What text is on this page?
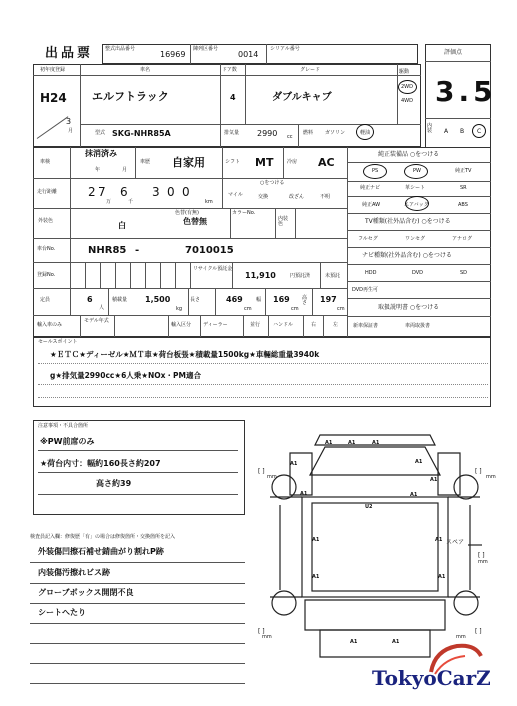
出品票 整式出品番号
16969
陳列区番号
0014
シリアル番号	評価点
3.5
内装	A B C
初年度登録	車名	ドア数	グレード
H24
3
月
エルフトラック	4	ダブルキャブ
駆動
2WD
4WD
型式 SKG-NHR85A	排気量 2990 cc
燃料 ガソリン	軽油
車検
抹消済み
年	月
車歴 自家用	シフト MT	冷房 AC
純正装備品 ○をつける
PS	PW	純正TV
純正ナビ	革シート	SR
純正AW	エアバッグ	ABS
TV種類(社外品含む) ○をつける
フルセグ	ワンセグ	アナログ
ナビ種類(社外品含む) ○をつける
HDD	DVD	SD
DVD再生可
取扱説明書 ○をつける
新車保証書	車両取扱書
走行距離	2 7
万
6
千
3 0 0
km
○をつける
マイル	交換	改ざん	不明
外装色	白
色替(有無)
色替無
カラーNo.
内装色
車台No.	NHR85 -	7010015
登録No.
リサイクル預託金
11,910	円預託済	未預託
定員	6
人
積載量 1,500
kg
長さ	469
cm
幅 169
cm
高さ 197
cm
輸入車のみ
モデル年式
輸入区分 ディーラー	並行	ハンドル	右	左
セールスポイント
★ＥＴＣ★ディーゼル★ＭＴ車★荷台板張★積載量1500kg★車輛総重量3940k
g★排気量2990cc★6人乗★NOx・PM適合
注意事項・不具合箇所
※PW前席のみ
★荷台内寸：幅約160長さ約207
高さ約39
検査員記入欄：修復歴「有」の場合は修復箇所・交換箇所を記入
外装傷凹擦石補せ錆曲がり割れP跡
内装傷汚擦れビス跡
グローブボックス開閉不良
シートへたり
[ ]	[ ]
[ ]	[ ]
[ ]
mm	mm
mm	mm
mm
スペア
A1	A1	A1
A1	A1
A1
A1
A1
U2
A1	A1
A1	A1
A1	A1
TokyoCarZ
